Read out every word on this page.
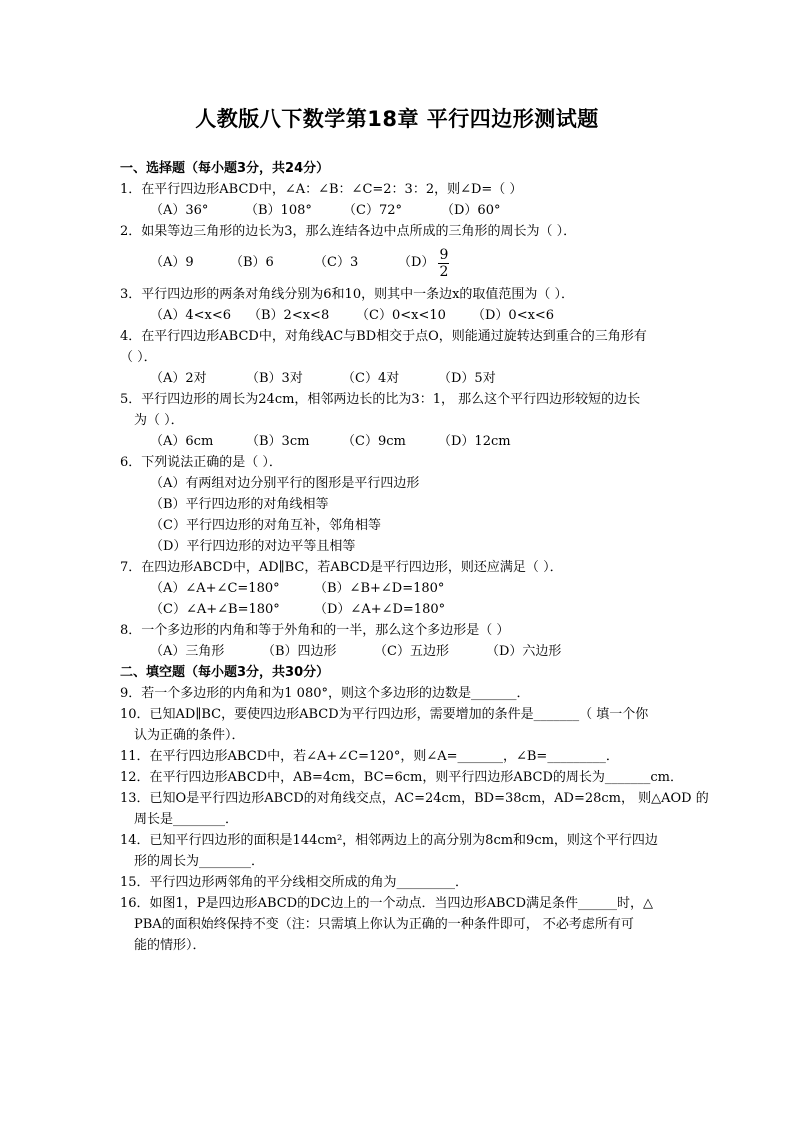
人教版八下数学第18章 平行四边形测试题
一、选择题（每小题3分，共24分）
1．在平行四边形ABCD中，∠A：∠B：∠C=2：3：2，则∠D=（ ）
（A）36°	（B）108°	（C）72°	（D）60°
2．如果等边三角形的边长为3，那么连结各边中点所成的三角形的周长为（ ）．
（A）9	（B）6	（C）3	$(D) \frac{9}{2}$
3．平行四边形的两条对角线分别为6和10，则其中一条边x的取值范围为（ ）．
（A）4<x<6	（B）2<x<8	（C）0<x<10	（D）0<x<6
4．在平行四边形ABCD中，对角线AC与BD相交于点O，则能通过旋转达到重合的三角形有
（ ）．
（A）2对	（B）3对	（C）4对	（D）5对
5．平行四边形的周长为24cm，相邻两边长的比为3：1， 那么这个平行四边形较短的边长
为（ ）．
（A）6cm	（B）3cm	（C）9cm	（D）12cm
6．下列说法正确的是（ ）．
（A）有两组对边分别平行的图形是平行四边形
（B）平行四边形的对角线相等
（C）平行四边形的对角互补，邻角相等
（D）平行四边形的对边平等且相等
7．在四边形ABCD中，AD∥BC，若ABCD是平行四边形，则还应满足（ ）．
（A）∠A+∠C=180°	（B）∠B+∠D=180°
（C）∠A+∠B=180°	（D）∠A+∠D=180°
8．一个多边形的内角和等于外角和的一半，那么这个多边形是（ ）
（A）三角形	（B）四边形	（C）五边形	（D）六边形
二、填空题（每小题3分，共30分）
9．若一个多边形的内角和为1 080°，则这个多边形的边数是_______．
10．已知AD∥BC，要使四边形ABCD为平行四边形，需要增加的条件是_______（ 填一个你
认为正确的条件）．
11．在平行四边形ABCD中，若∠A+∠C=120°，则∠A=_______，∠B=_________．
12．在平行四边形ABCD中，AB=4cm，BC=6cm，则平行四边形ABCD的周长为_______cm．
13．已知O是平行四边形ABCD的对角线交点，AC=24cm，BD=38cm，AD=28cm， 则△AOD 的
周长是________．
14．已知平行四边形的面积是144cm²，相邻两边上的高分别为8cm和9cm，则这个平行四边
形的周长为________．
15．平行四边形两邻角的平分线相交所成的角为_________．
16．如图1，P是四边形ABCD的DC边上的一个动点．当四边形ABCD满足条件______时，△
PBA的面积始终保持不变（注：只需填上你认为正确的一种条件即可， 不必考虑所有可
能的情形）．
